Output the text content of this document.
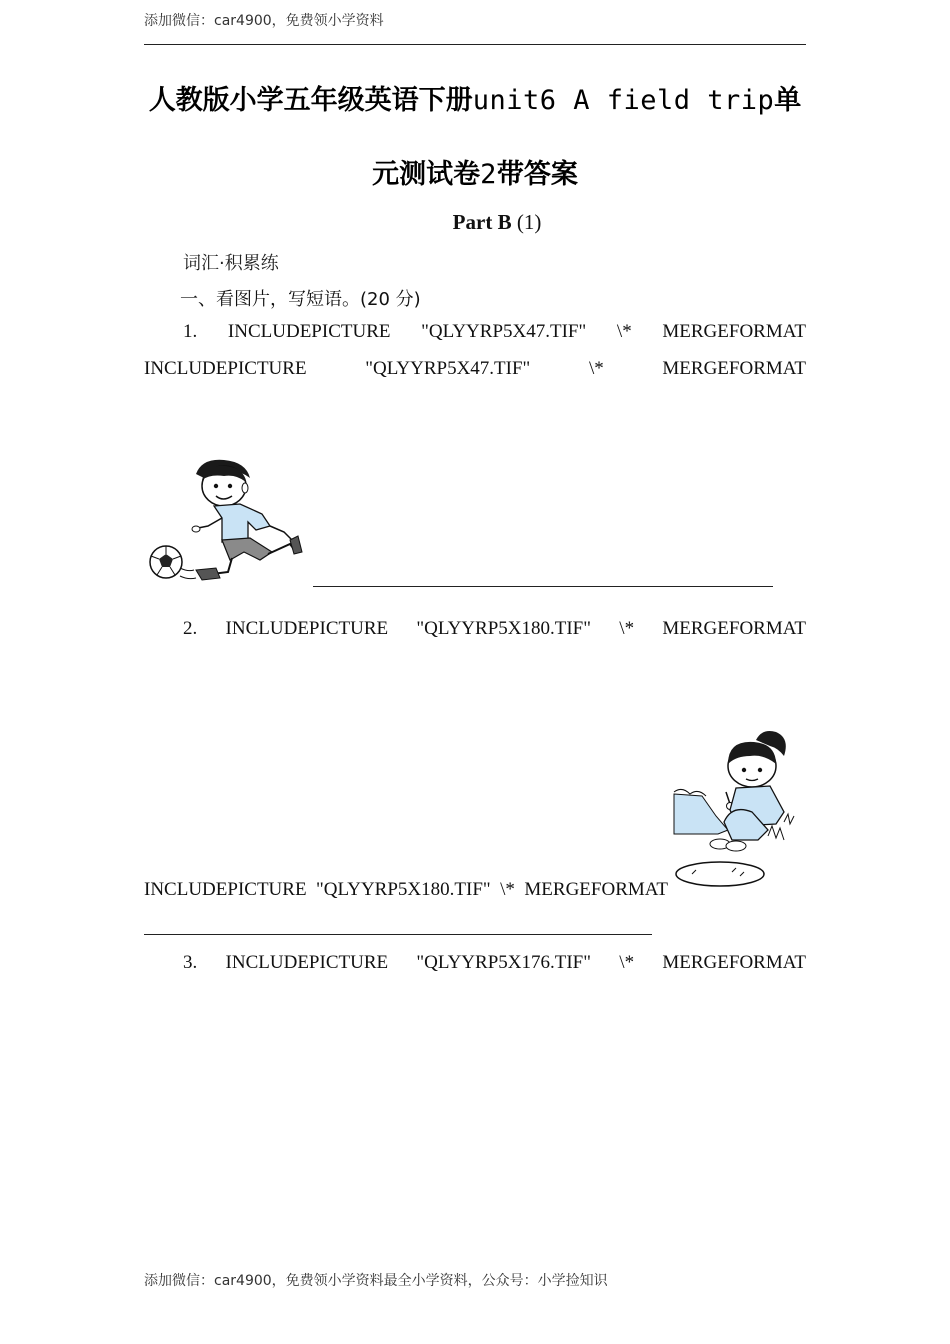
添加微信：car4900，免费领小学资料
人教版小学五年级英语下册unit6 A field trip单
元测试卷2带答案
Part B (1)
词汇·积累练
一、看图片，写短语。(20 分)
1. INCLUDEPICTURE "QLYYRP5X47.TIF" \* MERGEFORMAT
INCLUDEPICTURE	"QLYYRP5X47.TIF"	\*	MERGEFORMAT
2. INCLUDEPICTURE "QLYYRP5X180.TIF" \* MERGEFORMAT
INCLUDEPICTURE  "QLYYRP5X180.TIF"  \*  MERGEFORMAT
3. INCLUDEPICTURE "QLYYRP5X176.TIF" \* MERGEFORMAT
添加微信：car4900，免费领小学资料最全小学资料，公众号：小学捡知识
